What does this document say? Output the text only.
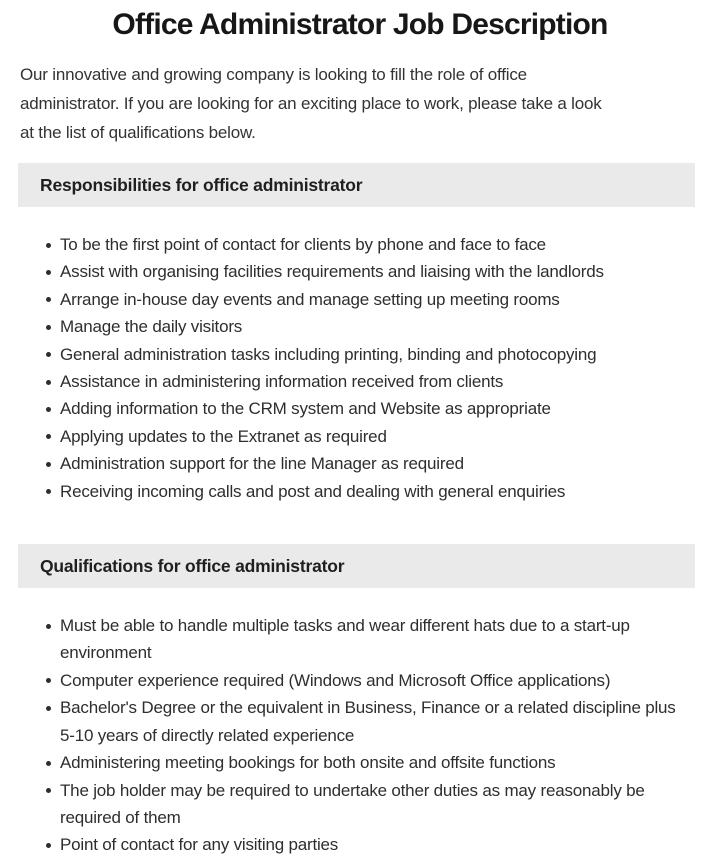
Office Administrator Job Description
Our innovative and growing company is looking to fill the role of office
administrator. If you are looking for an exciting place to work, please take a look
at the list of qualifications below.
Responsibilities for office administrator
To be the first point of contact for clients by phone and face to face
Assist with organising facilities requirements and liaising with the landlords
Arrange in-house day events and manage setting up meeting rooms
Manage the daily visitors
General administration tasks including printing, binding and photocopying
Assistance in administering information received from clients
Adding information to the CRM system and Website as appropriate
Applying updates to the Extranet as required
Administration support for the line Manager as required
Receiving incoming calls and post and dealing with general enquiries
Qualifications for office administrator
Must be able to handle multiple tasks and wear different hats due to a start-up environment
Computer experience required (Windows and Microsoft Office applications)
Bachelor's Degree or the equivalent in Business, Finance or a related discipline plus 5-10 years of directly related experience
Administering meeting bookings for both onsite and offsite functions
The job holder may be required to undertake other duties as may reasonably be required of them
Point of contact for any visiting parties
